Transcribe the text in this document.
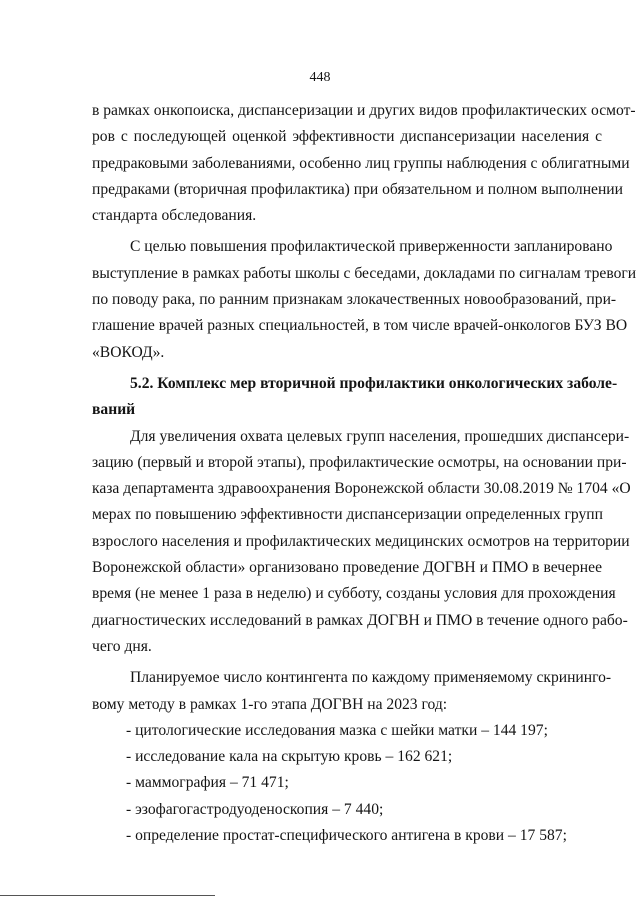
448
в рамках онкопоиска, диспансеризации и других видов профилактических осмот-
ров с последующей оценкой эффективности диспансеризации населения с
предраковыми заболеваниями, особенно лиц группы наблюдения с облигатными
предраками (вторичная профилактика) при обязательном и полном выполнении
стандарта обследования.
С целью повышения профилактической приверженности запланировано
выступление в рамках работы школы с беседами, докладами по сигналам тревоги
по поводу рака, по ранним признакам злокачественных новообразований, при-
глашение врачей разных специальностей, в том числе врачей-онкологов БУЗ ВО
«ВОКОД».
5.2. Комплекс мер вторичной профилактики онкологических заболе-
ваний
Для увеличения охвата целевых групп населения, прошедших диспансери-
зацию (первый и второй этапы), профилактические осмотры, на основании при-
каза департамента здравоохранения Воронежской области 30.08.2019 № 1704 «О
мерах по повышению эффективности диспансеризации определенных групп
взрослого населения и профилактических медицинских осмотров на территории
Воронежской области» организовано проведение ДОГВН и ПМО в вечернее
время (не менее 1 раза в неделю) и субботу, созданы условия для прохождения
диагностических исследований в рамках ДОГВН и ПМО в течение одного рабо-
чего дня.
Планируемое число контингента по каждому применяемому скрининго-
вому методу в рамках 1-го этапа ДОГВН на 2023 год:
- цитологические исследования мазка с шейки матки – 144 197;
- исследование кала на скрытую кровь – 162 621;
- маммография – 71 471;
- эзофагогастродуоденоскопия – 7 440;
- определение простат-специфического антигена в крови – 17 587;
